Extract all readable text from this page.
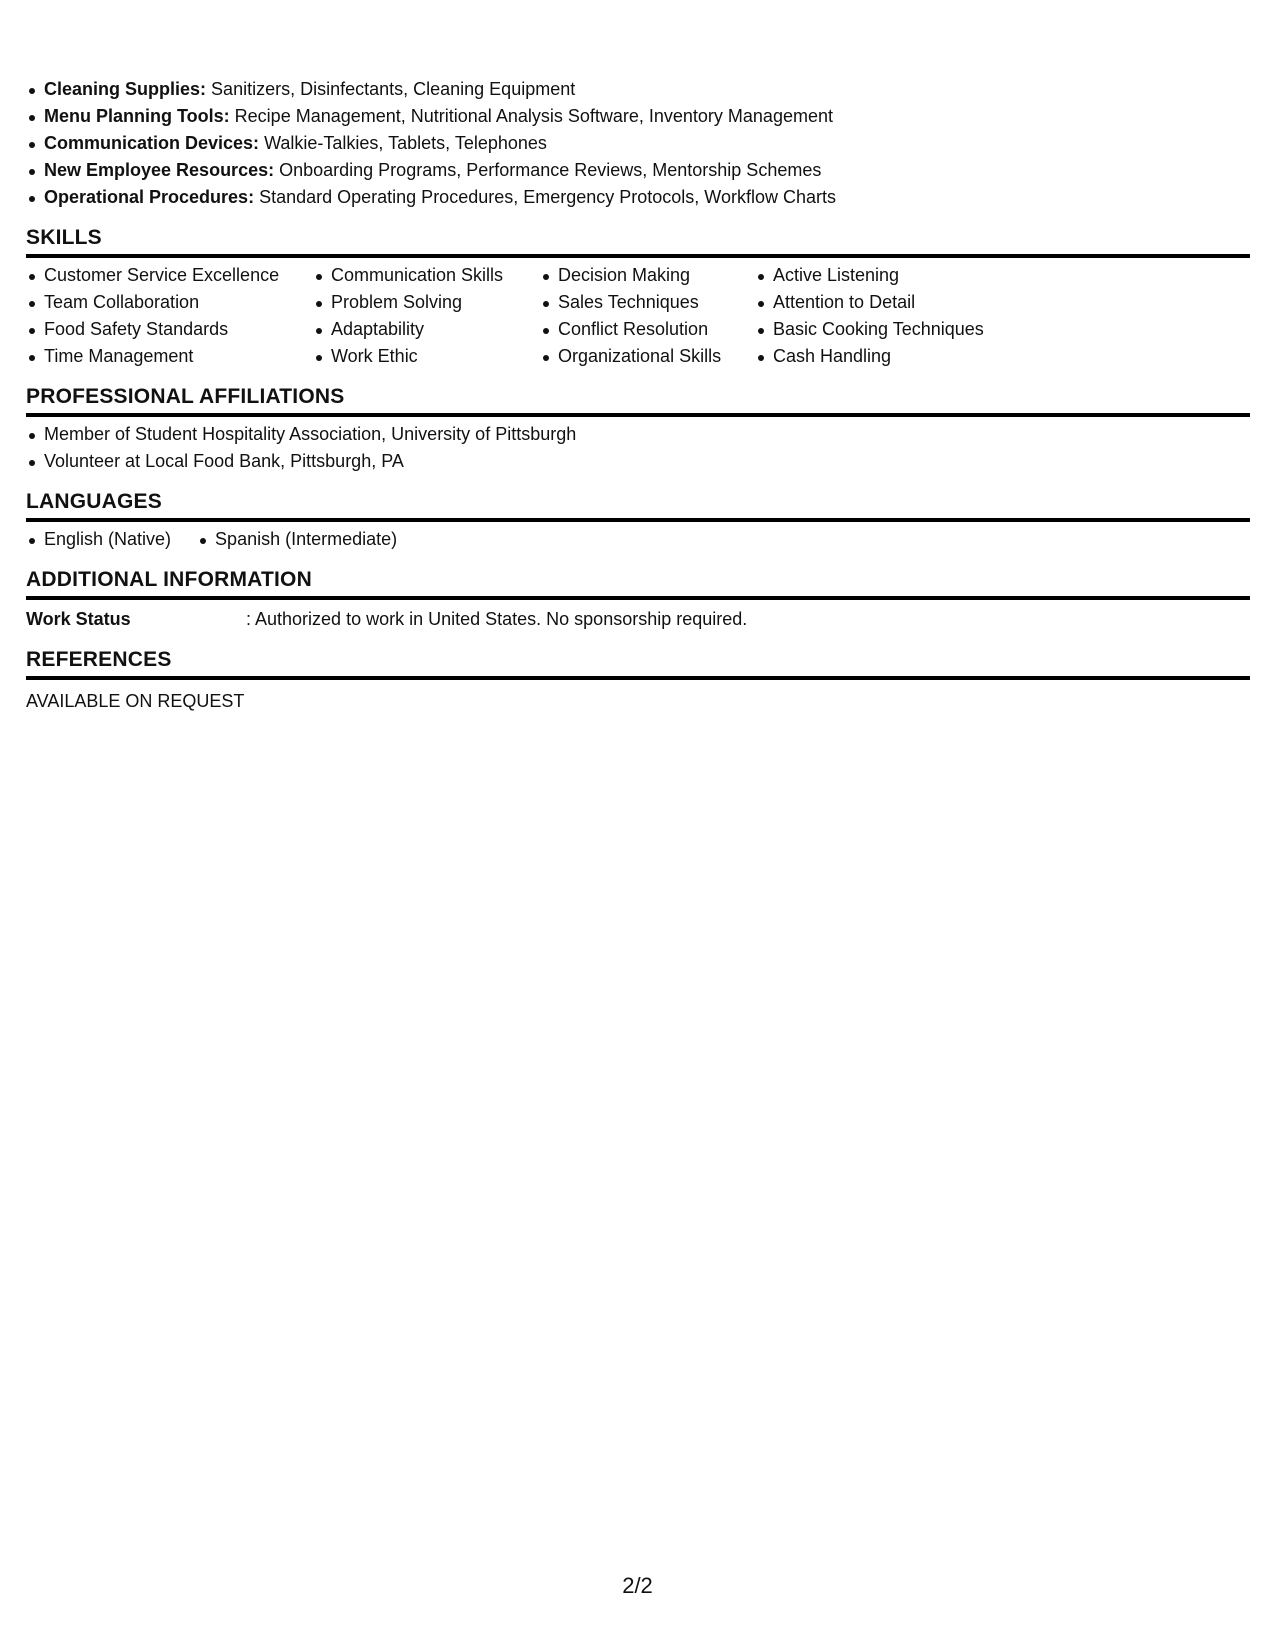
Cleaning Supplies: Sanitizers, Disinfectants, Cleaning Equipment
Menu Planning Tools: Recipe Management, Nutritional Analysis Software, Inventory Management
Communication Devices: Walkie-Talkies, Tablets, Telephones
New Employee Resources: Onboarding Programs, Performance Reviews, Mentorship Schemes
Operational Procedures: Standard Operating Procedures, Emergency Protocols, Workflow Charts
SKILLS
Customer Service Excellence
Team Collaboration
Food Safety Standards
Time Management
Communication Skills
Problem Solving
Adaptability
Work Ethic
Decision Making
Sales Techniques
Conflict Resolution
Organizational Skills
Active Listening
Attention to Detail
Basic Cooking Techniques
Cash Handling
PROFESSIONAL AFFILIATIONS
Member of Student Hospitality Association, University of Pittsburgh
Volunteer at Local Food Bank, Pittsburgh, PA
LANGUAGES
English (Native)	Spanish (Intermediate)
ADDITIONAL INFORMATION
Work Status	: Authorized to work in United States. No sponsorship required.
REFERENCES
AVAILABLE ON REQUEST
2/2
